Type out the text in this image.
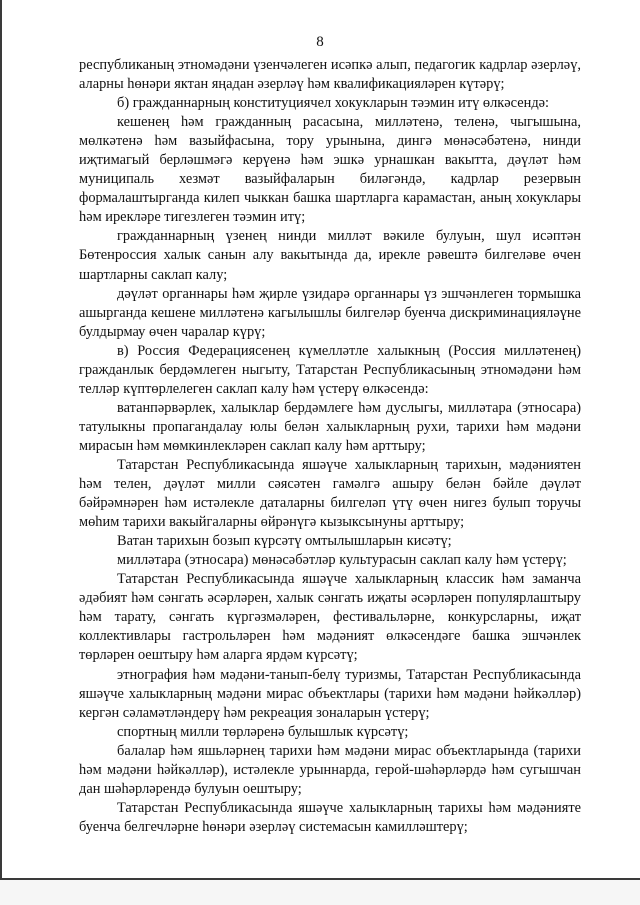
8

республиканың этномәдәни үзенчәлеген исәпкә алып, педагогик кадрлар әзерләү, аларны һөнәри яктан яңадан әзерләү һәм квалификацияләрен күтәрү;

б) гражданнарның конституциячел хокукларын тәэмин итү өлкәсендә:

кешенең һәм гражданның расасына, милләтенә, теленә, чыгышына, мөлкәтенә һәм вазыйфасына, тору урынына, дингә мөнәсәбәтенә, нинди иҗтимагый берләшмәгә керүенә һәм эшкә урнашкан вакытта, дәүләт һәм муниципаль хезмәт вазыйфаларын биләгәндә, кадрлар резервын формалаштырганда килеп чыккан башка шартларга карамастан, аның хокуклары һәм ирекләре тигезлеген тәэмин итү;

гражданнарның үзенең нинди милләт вәкиле булуын, шул исәптән Бөтенроссия халык санын алу вакытында да, ирекле рәвештә билгеләве өчен шартларны саклап калу;

дәүләт органнары һәм җирле үзидарә органнары үз эшчәнлеген тормышка ашырганда кешене милләтенә кагылышлы билгеләр буенча дискриминацияләүне булдырмау өчен чаралар күрү;

в) Россия Федерациясенең күмелләтле халыкның (Россия милләтенең) гражданлык бердәмлеген ныгыту, Татарстан Республикасының этномәдәни һәм телләр күптөрлелеген саклап калу һәм үстерү өлкәсендә:

ватанпәрвәрлек, халыклар бердәмлеге һәм дуслыгы, милләтара (этносара) татулыкны пропагандалау юлы белән халыкларның рухи, тарихи һәм мәдәни мирасын һәм мөмкинлекләрен саклап калу һәм арттыру;

Татарстан Республикасында яшәүче халыкларның тарихын, мәдәниятен һәм телен, дәүләт милли сәясәтен гамәлгә ашыру белән бәйле дәүләт бәйрәмнәрен һәм истәлекле даталарны билгеләп үтү өчен нигез булып торучы мөһим тарихи вакыйгаларны өйрәнүгә кызыксынуны арттыру;

Ватан тарихын бозып күрсәтү омтылышларын кисәтү;

милләтара (этносара) мөнәсәбәтләр культурасын саклап калу һәм үстерү;

Татарстан Республикасында яшәүче халыкларның классик һәм заманча әдәбият һәм сәнгать әсәрләрен, халык сәнгать иҗаты әсәрләрен популярлаштыру һәм тарату, сәнгать күргәзмәләрен, фестивальләрне, конкурсларны, иҗат коллективлары гастрольләрен һәм мәдәният өлкәсендәге башка эшчәнлек төрләрен оештыру һәм аларга ярдәм күрсәтү;

этнография һәм мәдәни-танып-белү туризмы, Татарстан Республикасында яшәүче халыкларның мәдәни мирас объектлары (тарихи һәм мәдәни һәйкәлләр) кергән сәламәтләндерү һәм рекреация зоналарын үстерү;

спортның милли төрләренә булышлык күрсәтү;

балалар һәм яшьләрнең тарихи һәм мәдәни мирас объектларында (тарихи һәм мәдәни һәйкәлләр), истәлекле урыннарда, герой-шәһәрләрдә һәм сугышчан дан шәһәрләрендә булуын оештыру;

Татарстан Республикасында яшәүче халыкларның тарихы һәм мәдәнияте буенча белгечләрне һөнәри әзерләү системасын камилләштерү;
